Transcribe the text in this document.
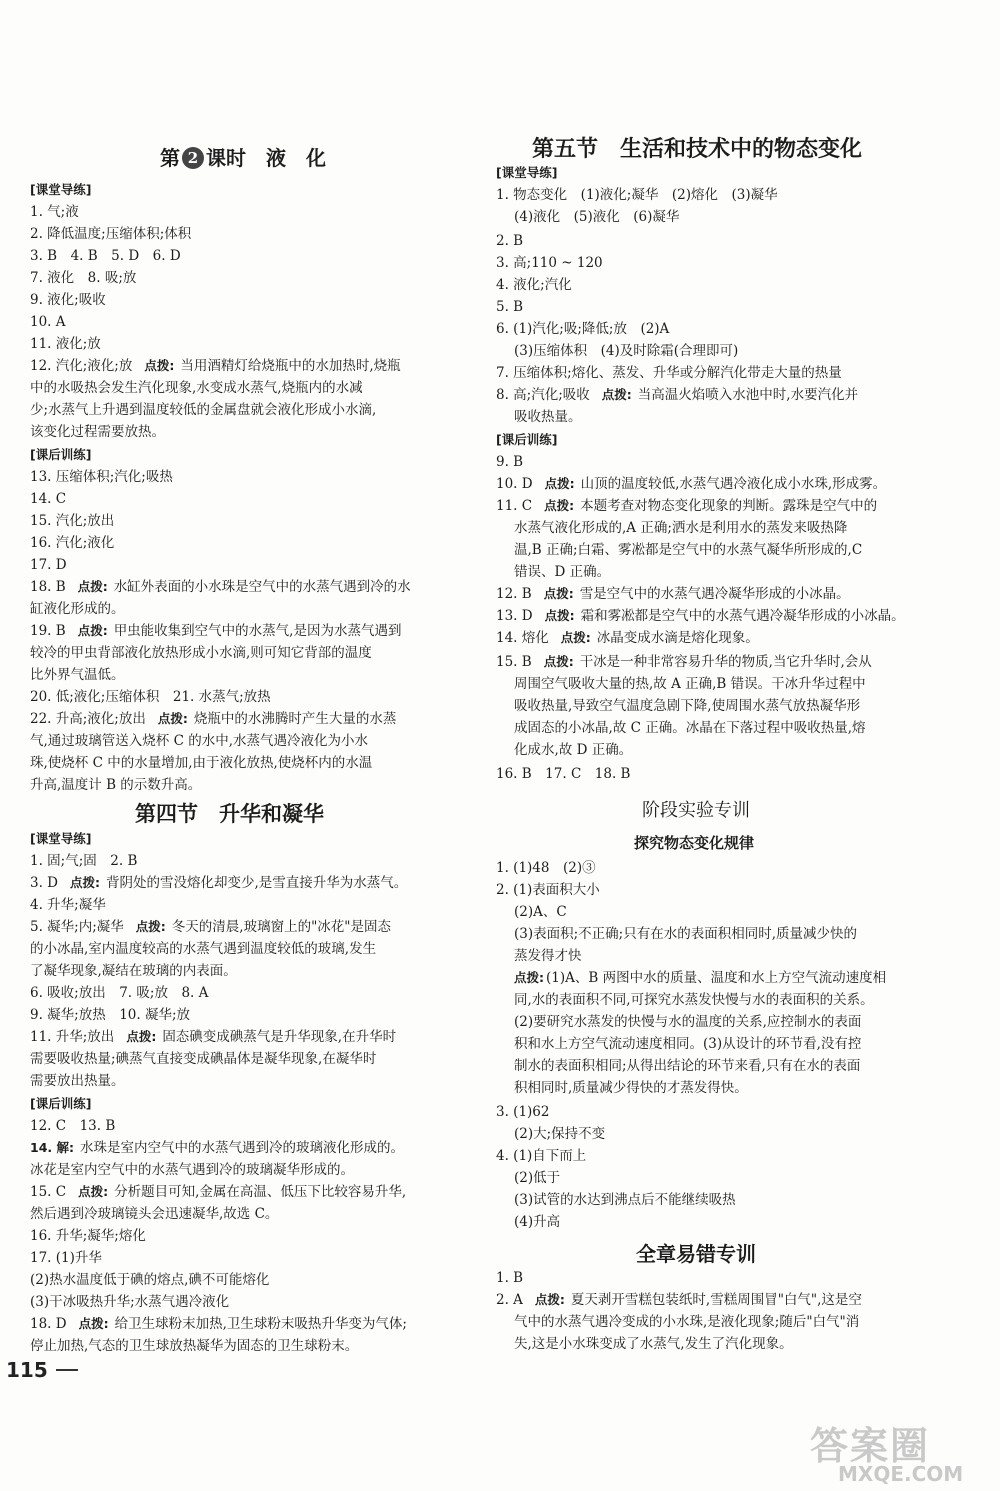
第 2 课时　液　化
[ 课堂导练 ]
1. 气;液
2. 降低温度;压缩体积;体积
3. B　4. B　5. D　6. D
7. 液化　8. 吸;放
9. 液化;吸收
10. A
11. 液化;放
12. 汽化;液化;放 点拨: 当用酒精灯给烧瓶中的水加热时,烧瓶
中的水吸热会发生汽化现象,水变成水蒸气,烧瓶内的水减
少;水蒸气上升遇到温度较低的金属盘就会液化形成小水滴,
该变化过程需要放热。
[ 课后训练 ]
13. 压缩体积;汽化;吸热
14. C
15. 汽化;放出
16. 汽化;液化
17. D
18. B 点拨: 水缸外表面的小水珠是空气中的水蒸气遇到冷的水
缸液化形成的。
19. B 点拨: 甲虫能收集到空气中的水蒸气,是因为水蒸气遇到
较冷的甲虫背部液化放热形成小水滴,则可知它背部的温度
比外界气温低。
20. 低;液化;压缩体积　21. 水蒸气;放热
22. 升高;液化;放出 点拨: 烧瓶中的水沸腾时产生大量的水蒸
气,通过玻璃管送入烧杯 C 的水中,水蒸气遇冷液化为小水
珠,使烧杯 C 中的水量增加,由于液化放热,使烧杯内的水温
升高,温度计 B 的示数升高。
第四节　升华和凝华
[ 课堂导练 ]
1. 固;气;固　2. B
3. D 点拨: 背阴处的雪没熔化却变少,是雪直接升华为水蒸气。
4. 升华;凝华
5. 凝华;内;凝华 点拨: 冬天的清晨,玻璃窗上的"冰花"是固态
的小冰晶,室内温度较高的水蒸气遇到温度较低的玻璃,发生
了凝华现象,凝结在玻璃的内表面。
6. 吸收;放出　7. 吸;放　8. A
9. 凝华;放热　10. 凝华;放
11. 升华;放出 点拨: 固态碘变成碘蒸气是升华现象,在升华时
需要吸收热量;碘蒸气直接变成碘晶体是凝华现象,在凝华时
需要放出热量。
[ 课后训练 ]
12. C　13. B
14. 解: 水珠是室内空气中的水蒸气遇到冷的玻璃液化形成的。
冰花是室内空气中的水蒸气遇到冷的玻璃凝华形成的。
15. C 点拨: 分析题目可知,金属在高温、低压下比较容易升华,
然后遇到冷玻璃镜头会迅速凝华,故选 C。
16. 升华;凝华;熔化
17. (1)升华
(2)热水温度低于碘的熔点,碘不可能熔化
(3)干冰吸热升华;水蒸气遇冷液化
18. D 点拨: 给卫生球粉末加热,卫生球粉末吸热升华变为气体;
停止加热,气态的卫生球放热凝华为固态的卫生球粉末。
115
第五节　生活和技术中的物态变化
[ 课堂导练 ]
1. 物态变化　(1)液化;凝华　(2)熔化　(3)凝华
(4)液化　(5)液化　(6)凝华
2. B
3. 高;110 ~ 120
4. 液化;汽化
5. B
6. (1)汽化;吸;降低;放　(2)A
(3)压缩体积　(4)及时除霜(合理即可)
7. 压缩体积;熔化、蒸发、升华或分解汽化带走大量的热量
8. 高;汽化;吸收 点拨: 当高温火焰喷入水池中时,水要汽化并
吸收热量。
[ 课后训练 ]
9. B
10. D 点拨: 山顶的温度较低,水蒸气遇冷液化成小水珠,形成雾。
11. C 点拨: 本题考查对物态变化现象的判断。露珠是空气中的
水蒸气液化形成的,A 正确;洒水是利用水的蒸发来吸热降
温,B 正确;白霜、雾凇都是空气中的水蒸气凝华所形成的,C
错误、D 正确。
12. B 点拨: 雪是空气中的水蒸气遇冷凝华形成的小冰晶。
13. D 点拨: 霜和雾凇都是空气中的水蒸气遇冷凝华形成的小冰晶。
14. 熔化 点拨: 冰晶变成水滴是熔化现象。
15. B 点拨: 干冰是一种非常容易升华的物质,当它升华时,会从
周围空气吸收大量的热,故 A 正确,B 错误。干冰升华过程中
吸收热量,导致空气温度急剧下降,使周围水蒸气放热凝华形
成固态的小冰晶,故 C 正确。冰晶在下落过程中吸收热量,熔
化成水,故 D 正确。
16. B　17. C　18. B
阶段实验专训
探究物态变化规律
1. (1)48　(2)③
2. (1)表面积大小
(2)A、C
(3)表面积;不正确;只有在水的表面积相同时,质量减少快的
蒸发得才快
点拨: (1)A、B 两图中水的质量、温度和水上方空气流动速度相
同,水的表面积不同,可探究水蒸发快慢与水的表面积的关系。
(2)要研究水蒸发的快慢与水的温度的关系,应控制水的表面
积和水上方空气流动速度相同。(3)从设计的环节看,没有控
制水的表面积相同;从得出结论的环节来看,只有在水的表面
积相同时,质量减少得快的才蒸发得快。
3. (1)62
(2)大;保持不变
4. (1)自下而上
(2)低于
(3)试管的水达到沸点后不能继续吸热
(4)升高
全章易错专训
1. B
2. A 点拨: 夏天剥开雪糕包装纸时,雪糕周围冒"白气",这是空
气中的水蒸气遇冷变成的小水珠,是液化现象;随后"白气"消
失,这是小水珠变成了水蒸气,发生了汽化现象。
答案圈
MXQE.COM
